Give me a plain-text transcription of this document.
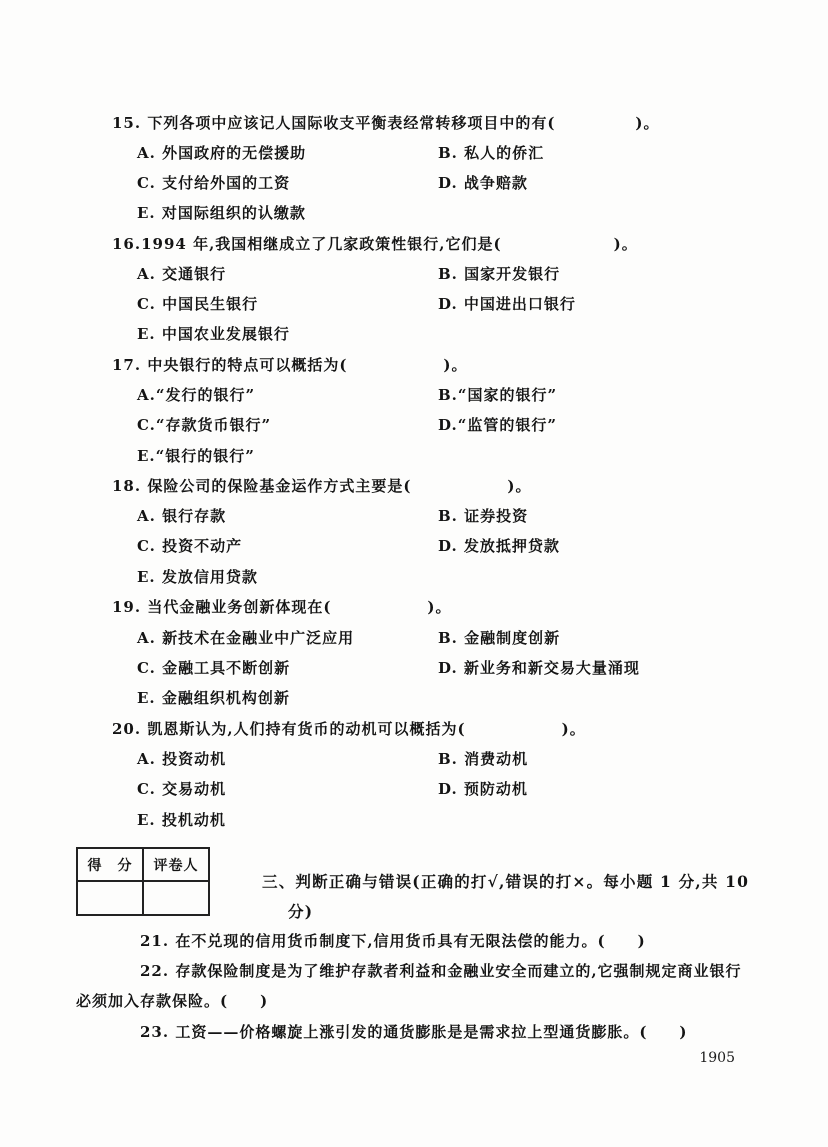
15. 下列各项中应该记人国际收支平衡表经常转移项目中的有(　　　　　)。
A. 外国政府的无偿援助	B. 私人的侨汇
C. 支付给外国的工资	D. 战争赔款
E. 对国际组织的认缴款
16.1994 年,我国相继成立了几家政策性银行,它们是(　　　　　　　)。
A. 交通银行	B. 国家开发银行
C. 中国民生银行	D. 中国进出口银行
E. 中国农业发展银行
17. 中央银行的特点可以概括为(　　　　　　)。
A.“发行的银行”	B.“国家的银行”
C.“存款货币银行”	D.“监管的银行”
E.“银行的银行”
18. 保险公司的保险基金运作方式主要是(　　　　　　)。
A. 银行存款	B. 证券投资
C. 投资不动产	D. 发放抵押贷款
E. 发放信用贷款
19. 当代金融业务创新体现在(　　　　　　)。
A. 新技术在金融业中广泛应用	B. 金融制度创新
C. 金融工具不断创新	D. 新业务和新交易大量涌现
E. 金融组织机构创新
20. 凯恩斯认为,人们持有货币的动机可以概括为(　　　　　　)。
A. 投资动机	B. 消费动机
C. 交易动机	D. 预防动机
E. 投机动机
得　分	评卷人

三、判断正确与错误(正确的打√,错误的打×。每小题 1 分,共 10
分)
21. 在不兑现的信用货币制度下,信用货币具有无限法偿的能力。(　　)
22. 存款保险制度是为了维护存款者利益和金融业安全而建立的,它强制规定商业银行
必须加入存款保险。(　　)
23. 工资——价格螺旋上涨引发的通货膨胀是是需求拉上型通货膨胀。(　　)
1905
